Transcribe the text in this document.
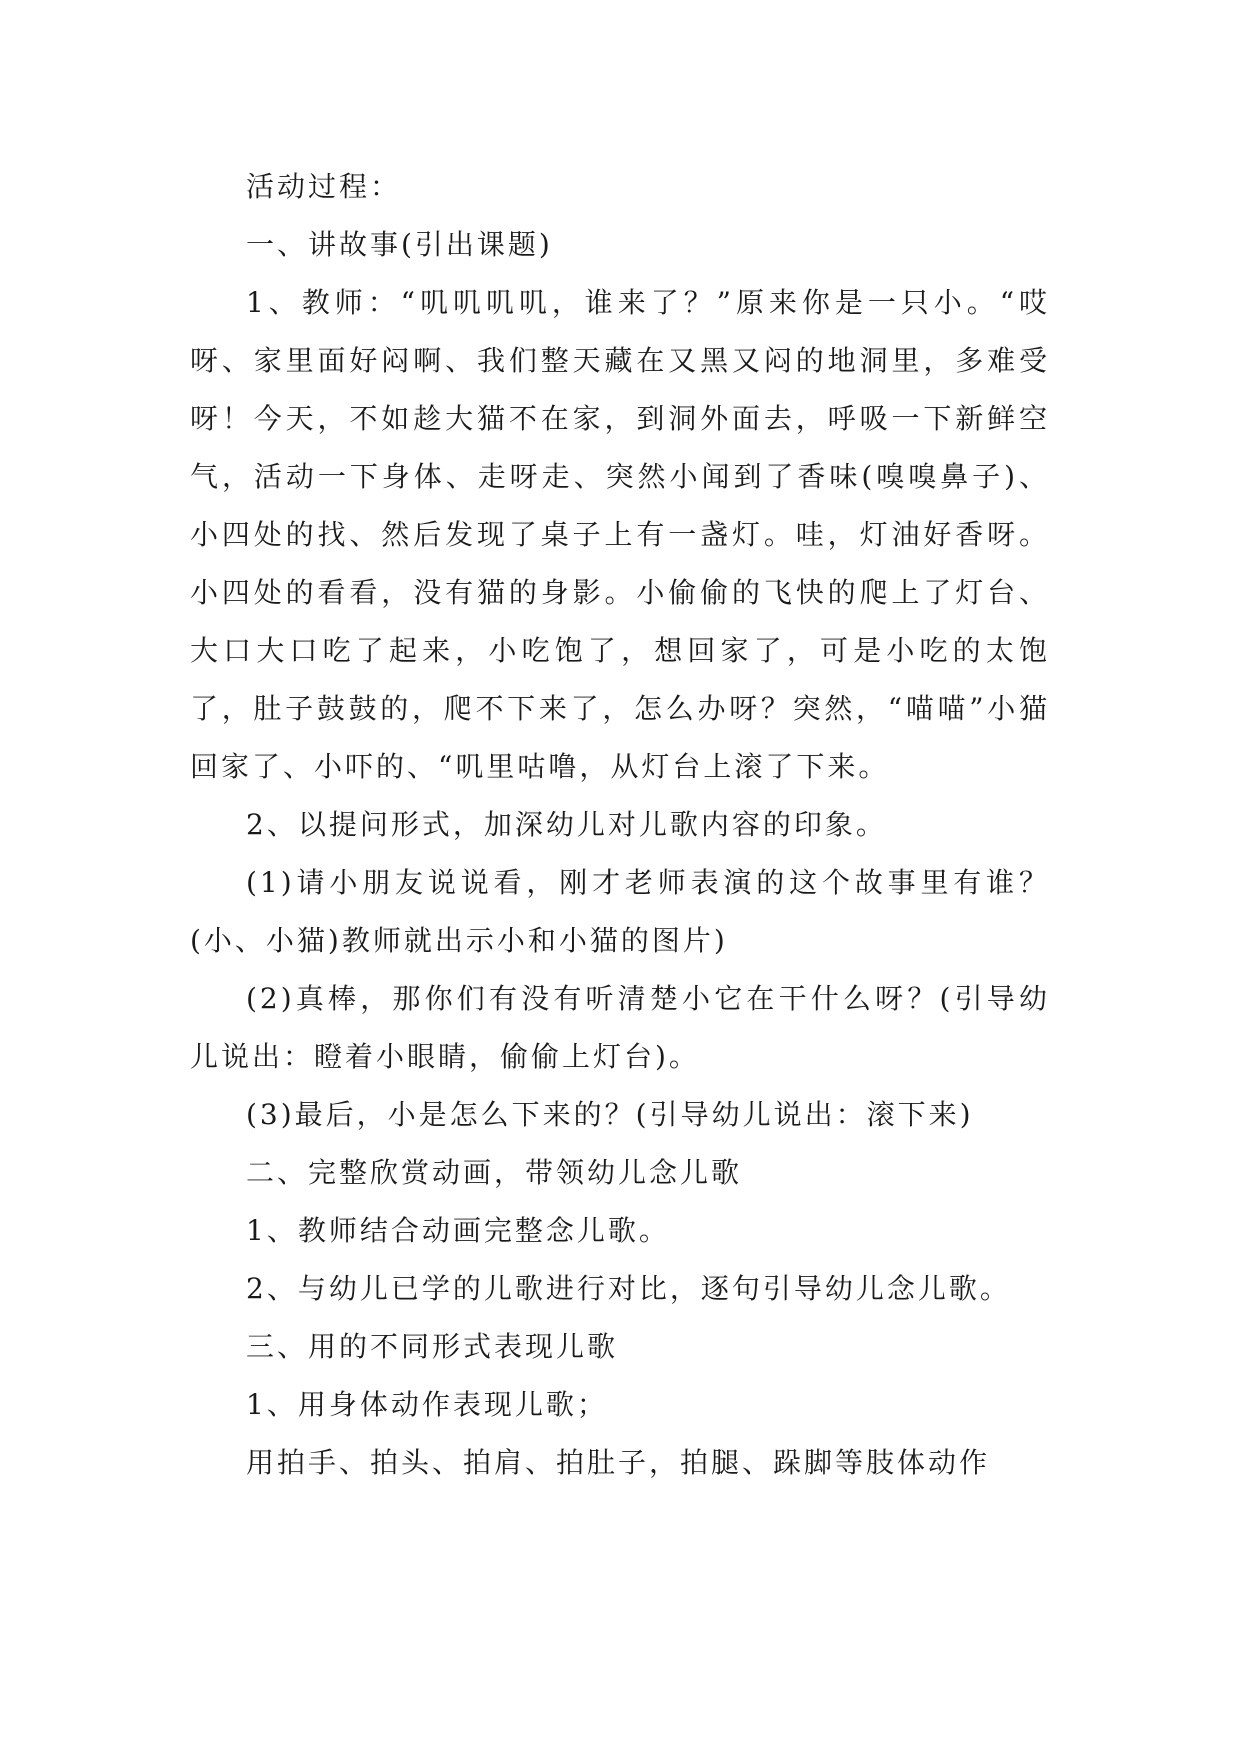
活动过程：

一、讲故事(引出课题)

1、教师：“叽叽叽叽，谁来了？”原来你是一只小。“哎呀、家里面好闷啊、我们整天藏在又黑又闷的地洞里，多难受呀！今天，不如趁大猫不在家，到洞外面去，呼吸一下新鲜空气，活动一下身体、走呀走、突然小闻到了香味(嗅嗅鼻子)、小四处的找、然后发现了桌子上有一盏灯。哇，灯油好香呀。小四处的看看，没有猫的身影。小偷偷的飞快的爬上了灯台、大口大口吃了起来，小吃饱了，想回家了，可是小吃的太饱了，肚子鼓鼓的，爬不下来了，怎么办呀？突然，“喵喵”小猫回家了、小吓的、“叽里咕噜，从灯台上滚了下来。

2、以提问形式，加深幼儿对儿歌内容的印象。

(1)请小朋友说说看，刚才老师表演的这个故事里有谁？(小、小猫)教师就出示小和小猫的图片)

(2)真棒，那你们有没有听清楚小它在干什么呀？(引导幼儿说出：瞪着小眼睛，偷偷上灯台)。

(3)最后，小是怎么下来的？(引导幼儿说出：滚下来)

二、完整欣赏动画，带领幼儿念儿歌

1、教师结合动画完整念儿歌。

2、与幼儿已学的儿歌进行对比，逐句引导幼儿念儿歌。

三、用的不同形式表现儿歌

1、用身体动作表现儿歌；

用拍手、拍头、拍肩、拍肚子，拍腿、跺脚等肢体动作
